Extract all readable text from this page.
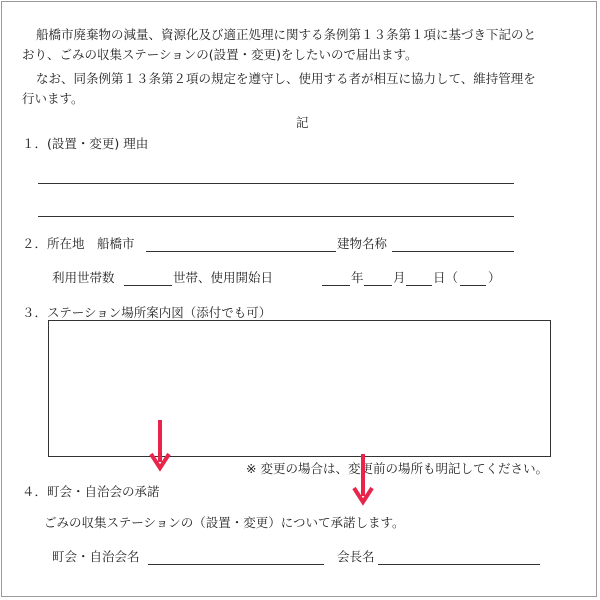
船橋市廃棄物の減量、資源化及び適正処理に関する条例第１３条第１項に基づき下記のと
おり、ごみの収集ステーションの(設置・変更)をしたいので届出ます。
なお、同条例第１３条第２項の規定を遵守し、使用する者が相互に協力して、維持管理を
行います。
記
１．(設置・変更) 理由
２．所在地　船橋市	建物名称
利用世帯数	世帯、使用開始日	年 月 日（ ）
３．ステーション場所案内図（添付でも可）
※ 変更の場合は、変更前の場所も明記してください。
４．町会・自治会の承諾
ごみの収集ステーションの（設置・変更）について承諾します。
町会・自治会名	会長名
